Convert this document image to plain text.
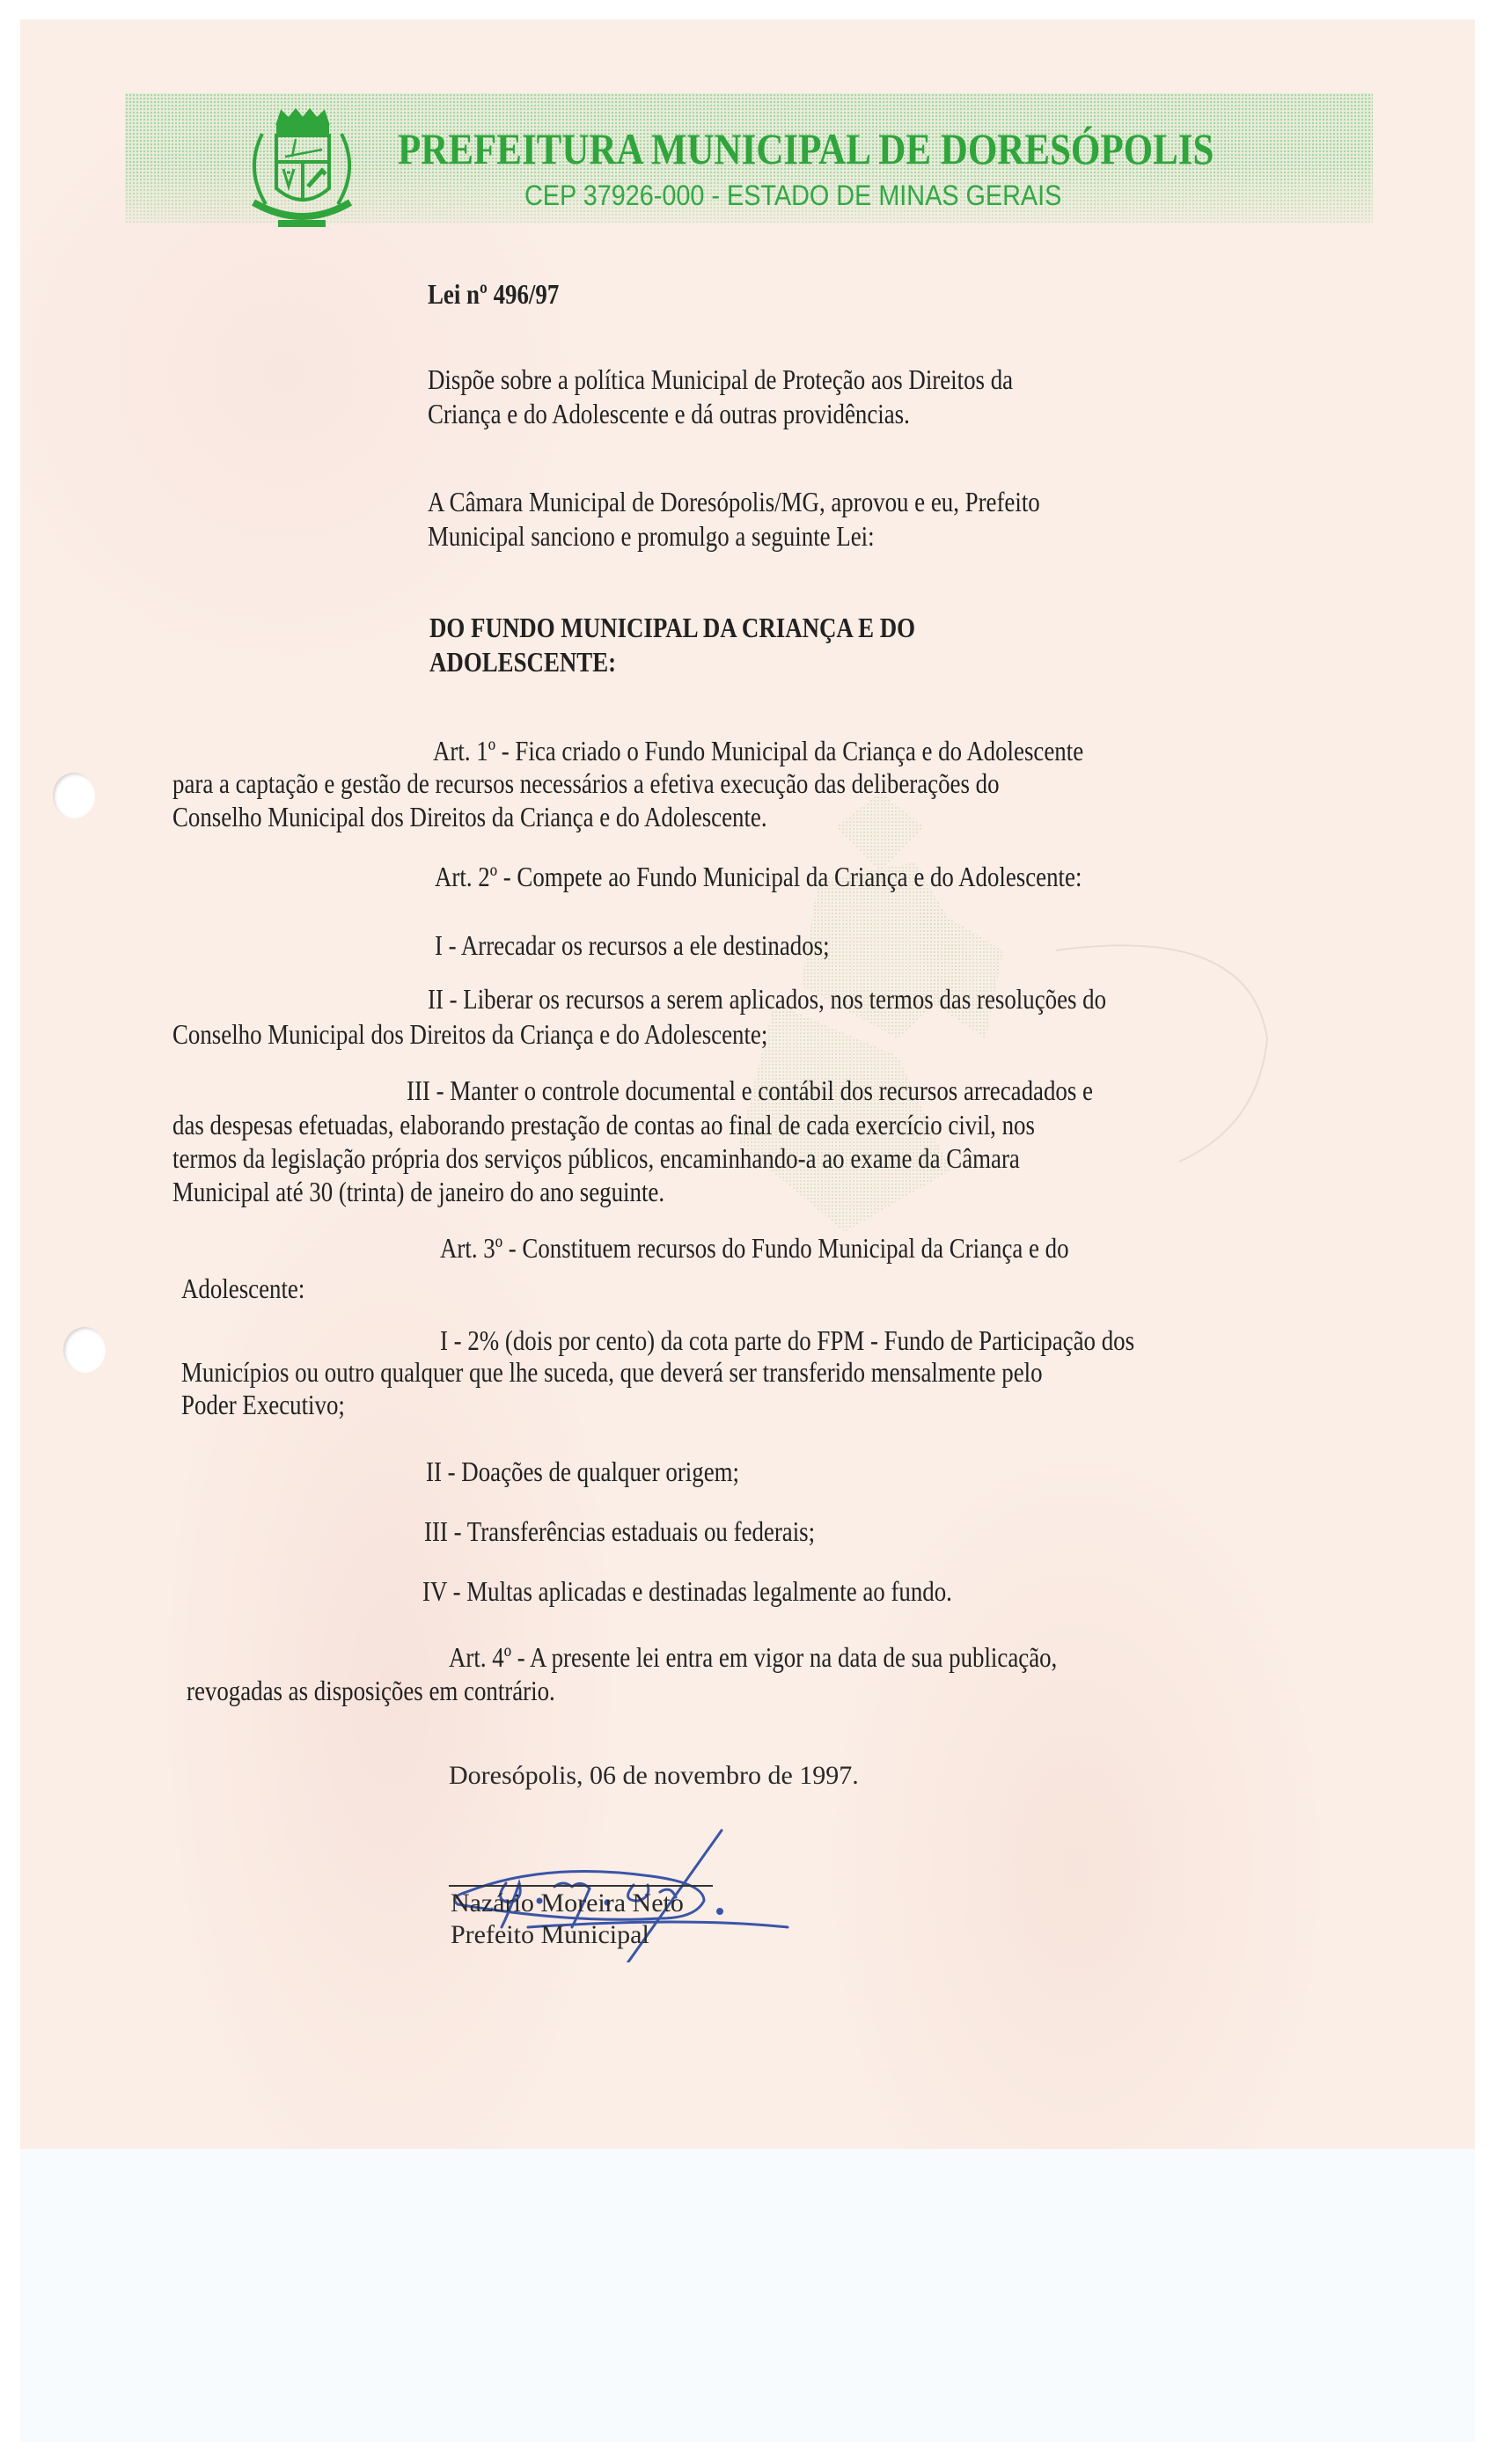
PREFEITURA MUNICIPAL DE DORESÓPOLIS
CEP 37926-000 - ESTADO DE MINAS GERAIS
Lei nº 496/97
Dispõe sobre a política Municipal de Proteção aos Direitos da
Criança e do Adolescente e dá outras providências.
A Câmara Municipal de Doresópolis/MG, aprovou e eu, Prefeito
Municipal sanciono e promulgo a seguinte Lei:
DO FUNDO MUNICIPAL DA CRIANÇA E DO
ADOLESCENTE:
Art. 1º - Fica criado o Fundo Municipal da Criança e do Adolescente
para a captação e gestão de recursos necessários a efetiva execução das deliberações do
Conselho Municipal dos Direitos da Criança e do Adolescente.
Art. 2º - Compete ao Fundo Municipal da Criança e do Adolescente:
I - Arrecadar os recursos a ele destinados;
II - Liberar os recursos a serem aplicados, nos termos das resoluções do
Conselho Municipal dos Direitos da Criança e do Adolescente;
III - Manter o controle documental e contábil dos recursos arrecadados e
das despesas efetuadas, elaborando prestação de contas ao final de cada exercício civil, nos
termos da legislação própria dos serviços públicos, encaminhando-a ao exame da Câmara
Municipal até 30 (trinta) de janeiro do ano seguinte.
Art. 3º - Constituem recursos do Fundo Municipal da Criança e do
Adolescente:
I - 2% (dois por cento) da cota parte do FPM - Fundo de Participação dos
Municípios ou outro qualquer que lhe suceda, que deverá ser transferido mensalmente pelo
Poder Executivo;
II - Doações de qualquer origem;
III - Transferências estaduais ou federais;
IV - Multas aplicadas e destinadas legalmente ao fundo.
Art. 4º - A presente lei entra em vigor na data de sua publicação,
revogadas as disposições em contrário.
Doresópolis, 06 de novembro de 1997.
Nazário Moreira Neto
Prefeito Municipal
